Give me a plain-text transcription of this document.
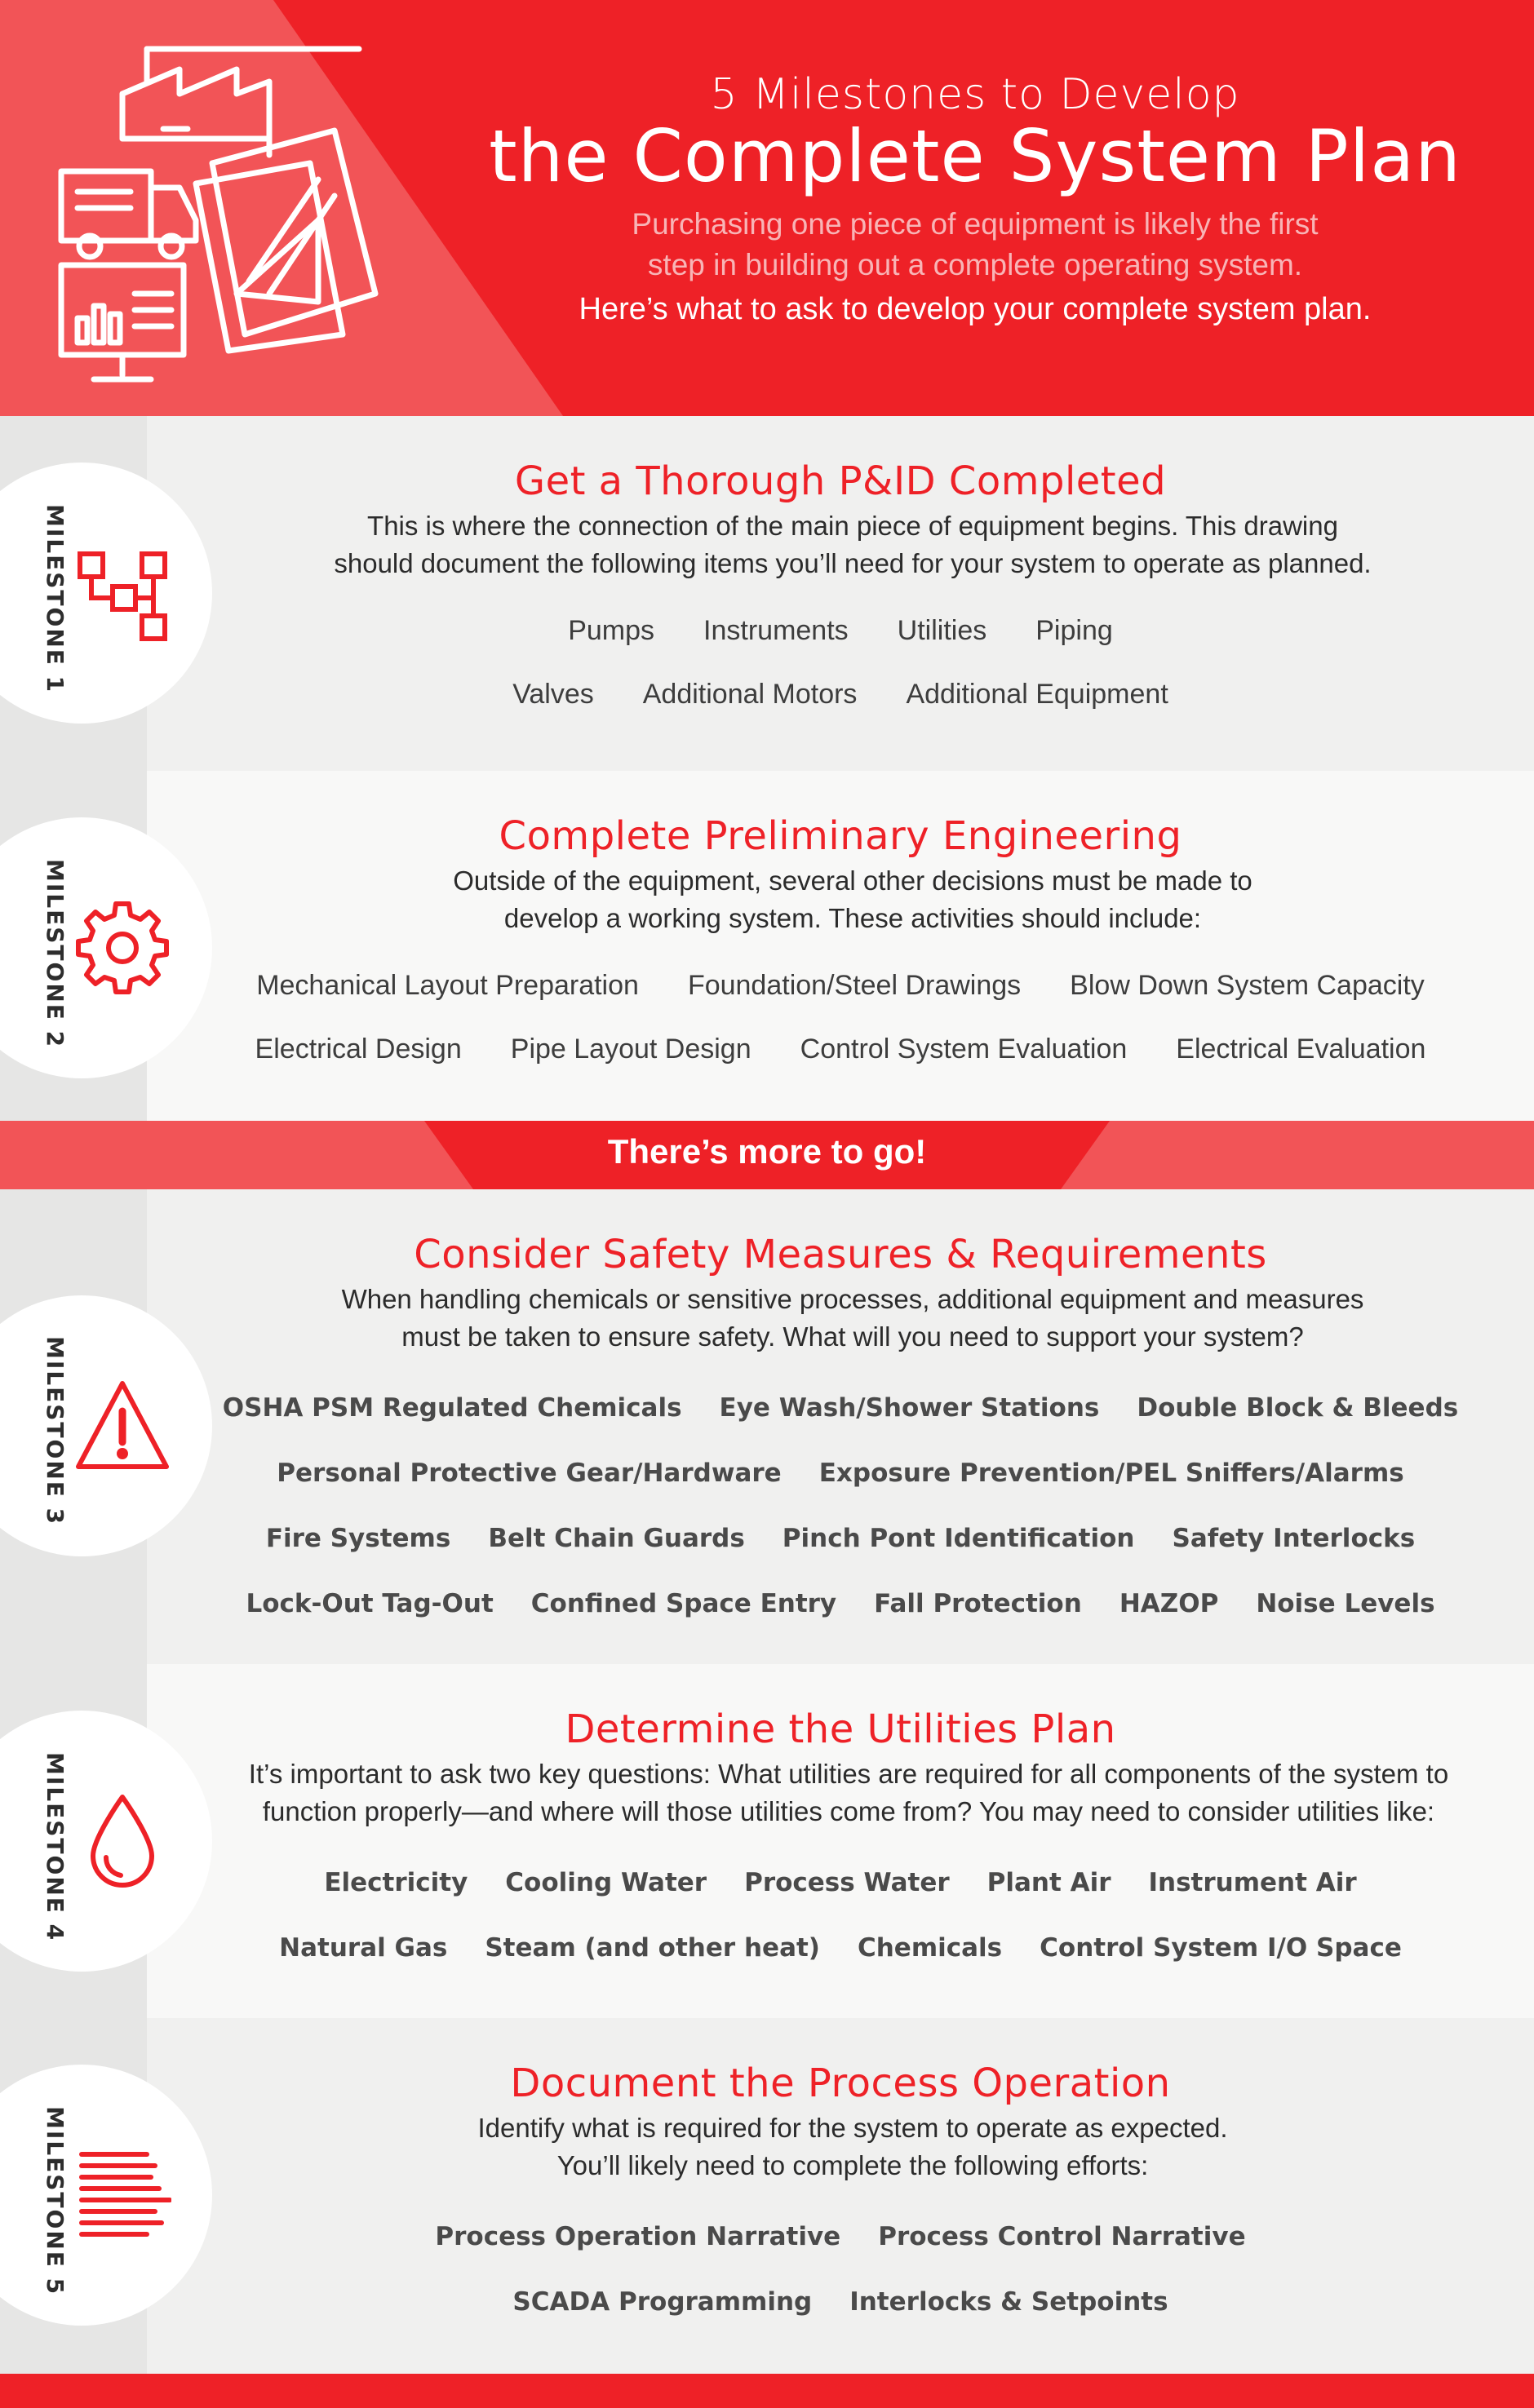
5 Milestones to Develop
the Complete System Plan
Purchasing one piece of equipment is likely the first
step in building out a complete operating system.
Here’s what to ask to develop your complete system plan.
MILESTONE 1
Get a Thorough P&ID Completed
This is where the connection of the main piece of equipment begins. This drawing
should document the following items you’ll need for your system to operate as planned.
Pumps Instruments Utilities Piping
Valves Additional Motors Additional Equipment
MILESTONE 2
Complete Preliminary Engineering
Outside of the equipment, several other decisions must be made to
develop a working system. These activities should include:
Mechanical Layout Preparation Foundation/Steel Drawings Blow Down System Capacity
Electrical Design Pipe Layout Design Control System Evaluation Electrical Evaluation
There’s more to go!
MILESTONE 3
Consider Safety Measures & Requirements
When handling chemicals or sensitive processes, additional equipment and measures
must be taken to ensure safety. What will you need to support your system?
OSHA PSM Regulated Chemicals Eye Wash/Shower Stations Double Block & Bleeds
Personal Protective Gear/Hardware Exposure Prevention/PEL Sniffers/Alarms
Fire Systems Belt Chain Guards Pinch Pont Identification Safety Interlocks
Lock-Out Tag-Out Confined Space Entry Fall Protection HAZOP Noise Levels
MILESTONE 4
Determine the Utilities Plan
It’s important to ask two key questions: What utilities are required for all components of the system to
function properly—and where will those utilities come from? You may need to consider utilities like:
Electricity Cooling Water Process Water Plant Air Instrument Air
Natural Gas Steam (and other heat) Chemicals Control System I/O Space
MILESTONE 5
Document the Process Operation
Identify what is required for the system to operate as expected.
You’ll likely need to complete the following efforts:
Process Operation Narrative Process Control Narrative
SCADA Programming Interlocks & Setpoints
